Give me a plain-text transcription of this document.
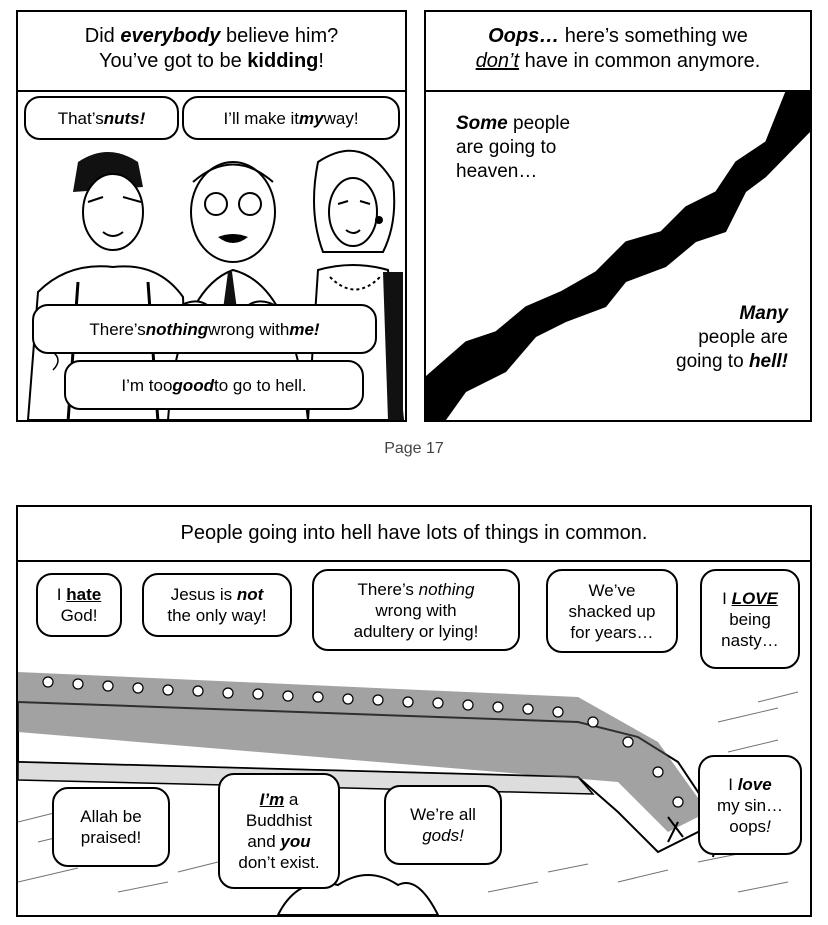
Did everybody believe him?
You’ve got to be kidding!
That’s nuts!	I’ll make it my way!
There’s nothing wrong with me!
I’m too good to go to hell.
Oops… here’s something we
don’t have in common anymore.
Some people
are going to
heaven…
Many
people are
going to hell!
Page 17
People going into hell have lots of things in common.
I hate
God!
Jesus is not
the only way!
There’s nothing
wrong with
adultery or lying!
We’ve
shacked up
for years…
I LOVE
being
nasty…
Allah be
praised!
I’m a
Buddhist
and you
don’t exist.
We’re all
gods!
I love
my sin…
oops!
